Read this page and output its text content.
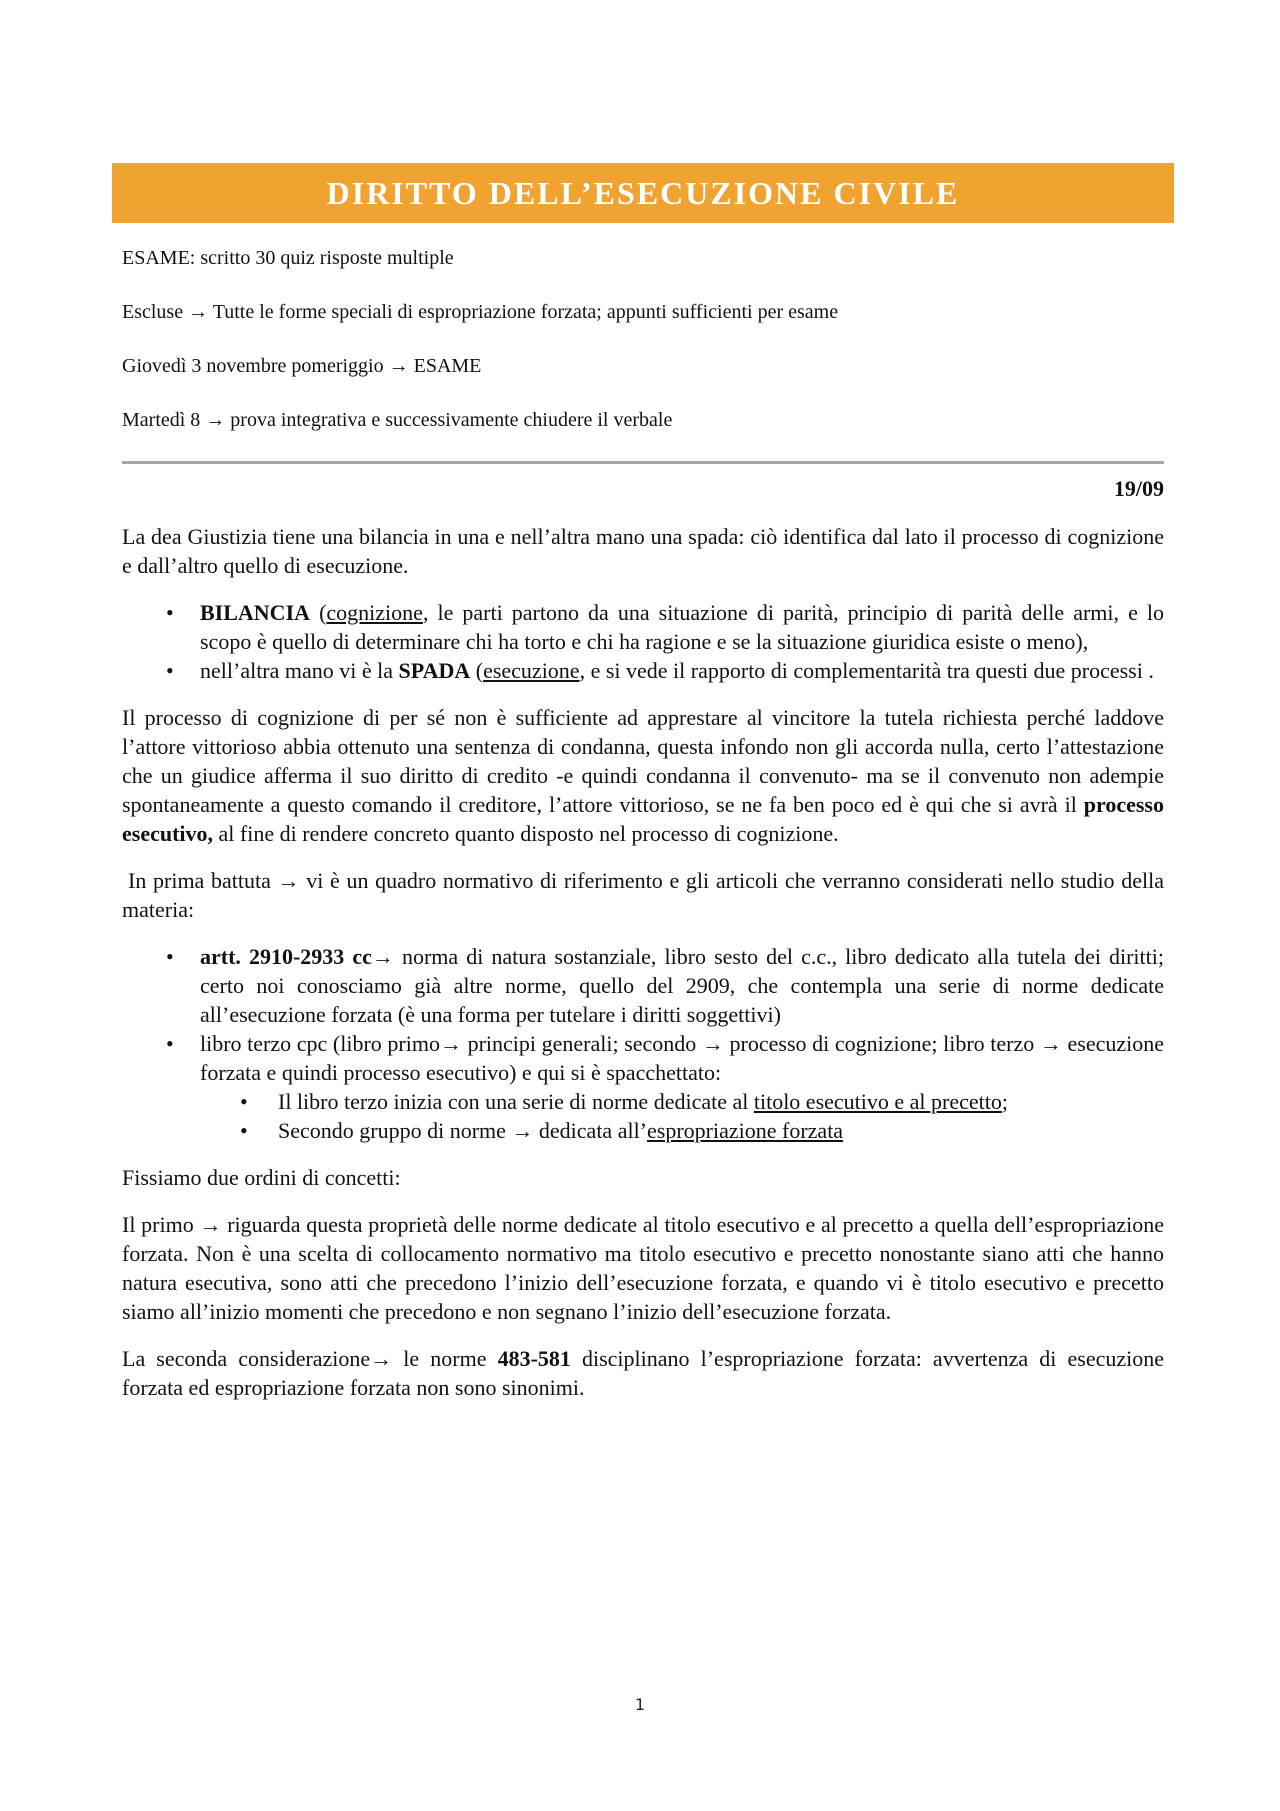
DIRITTO DELL’ESECUZIONE CIVILE

ESAME: scritto 30 quiz risposte multiple

Escluse → Tutte le forme speciali di espropriazione forzata; appunti sufficienti per esame

Giovedì 3 novembre pomeriggio → ESAME

Martedì 8 → prova integrativa e successivamente chiudere il verbale

19/09

La dea Giustizia tiene una bilancia in una e nell’altra mano una spada: ciò identifica dal lato il processo di cognizione e dall’altro quello di esecuzione.

• BILANCIA (cognizione, le parti partono da una situazione di parità, principio di parità delle armi, e lo scopo è quello di determinare chi ha torto e chi ha ragione e se la situazione giuridica esiste o meno),
• nell’altra mano vi è la SPADA (esecuzione, e si vede il rapporto di complementarità tra questi due processi .

Il processo di cognizione di per sé non è sufficiente ad apprestare al vincitore la tutela richiesta perché laddove l’attore vittorioso abbia ottenuto una sentenza di condanna, questa infondo non gli accorda nulla, certo l’attestazione che un giudice afferma il suo diritto di credito -e quindi condanna il convenuto- ma se il convenuto non adempie spontaneamente a questo comando il creditore, l’attore vittorioso, se ne fa ben poco ed è qui che si avrà il processo esecutivo, al fine di rendere concreto quanto disposto nel processo di cognizione.

In prima battuta → vi è un quadro normativo di riferimento e gli articoli che verranno considerati nello studio della materia:

• artt. 2910-2933 cc→ norma di natura sostanziale, libro sesto del c.c., libro dedicato alla tutela dei diritti; certo noi conosciamo già altre norme, quello del 2909, che contempla una serie di norme dedicate all’esecuzione forzata (è una forma per tutelare i diritti soggettivi)
• libro terzo cpc (libro primo→ principi generali; secondo → processo di cognizione; libro terzo → esecuzione forzata e quindi processo esecutivo) e qui si è spacchettato:
• Il libro terzo inizia con una serie di norme dedicate al titolo esecutivo e al precetto;
• Secondo gruppo di norme → dedicata all’espropriazione forzata

Fissiamo due ordini di concetti:

Il primo → riguarda questa proprietà delle norme dedicate al titolo esecutivo e al precetto a quella dell’espropriazione forzata. Non è una scelta di collocamento normativo ma titolo esecutivo e precetto nonostante siano atti che hanno natura esecutiva, sono atti che precedono l’inizio dell’esecuzione forzata, e quando vi è titolo esecutivo e precetto siamo all’inizio momenti che precedono e non segnano l’inizio dell’esecuzione forzata.

La seconda considerazione→ le norme 483-581 disciplinano l’espropriazione forzata: avvertenza di esecuzione forzata ed espropriazione forzata non sono sinonimi.

1
